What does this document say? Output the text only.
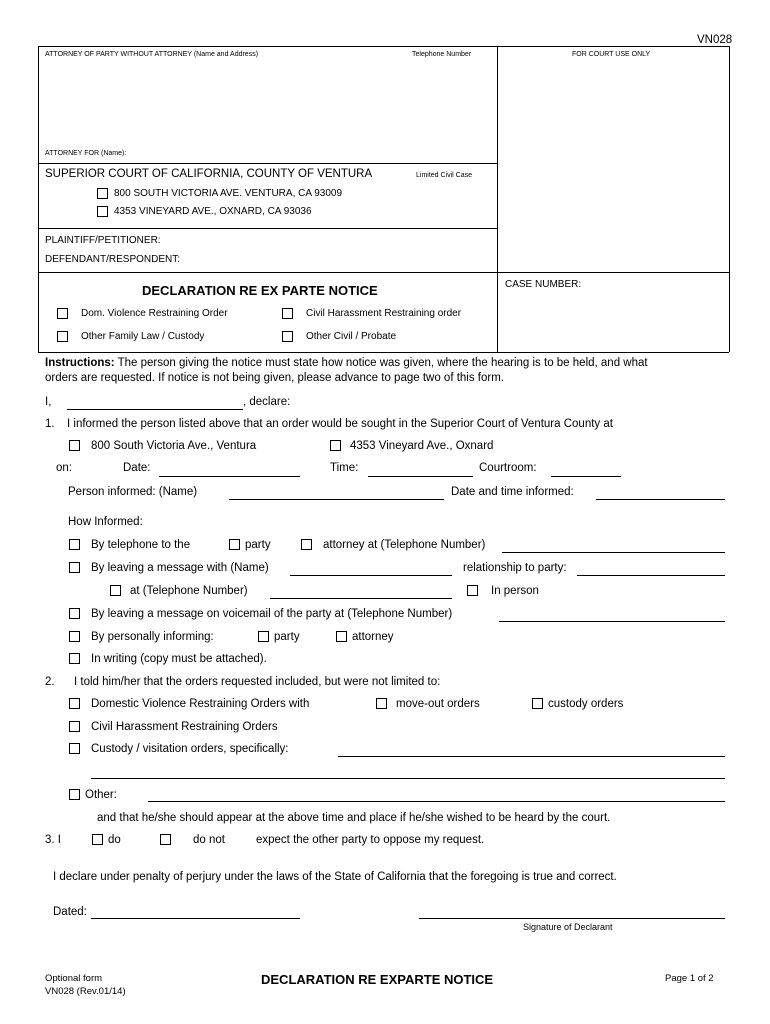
VN028
ATTORNEY OF PARTY WITHOUT ATTORNEY (Name and Address)	Telephone Number	FOR COURT USE ONLY
ATTORNEY FOR (Name):
SUPERIOR COURT OF CALIFORNIA, COUNTY OF VENTURA	Limited Civil Case
800 SOUTH VICTORIA AVE. VENTURA, CA 93009
4353 VINEYARD AVE., OXNARD, CA 93036
PLAINTIFF/PETITIONER:
DEFENDANT/RESPONDENT:
DECLARATION RE EX PARTE NOTICE	CASE NUMBER:
Dom. Violence Restraining Order	Civil Harassment Restraining order
Other Family Law / Custody	Other Civil / Probate
Instructions: The person giving the notice must state how notice was given, where the hearing is to be held, and what
orders are requested. If notice is not being given, please advance to page two of this form.
I,	, declare:
1. I informed the person listed above that an order would be sought in the Superior Court of Ventura County at
800 South Victoria Ave., Ventura	4353 Vineyard Ave., Oxnard
on:	Date:	Time:	Courtroom:
Person informed: (Name)	Date and time informed:
How Informed:
By telephone to the	party	attorney at (Telephone Number)
By leaving a message with (Name)	relationship to party:
at (Telephone Number)	In person
By leaving a message on voicemail of the party at (Telephone Number)
By personally informing:	party	attorney
In writing (copy must be attached).
2. I told him/her that the orders requested included, but were not limited to:
Domestic Violence Restraining Orders with	move-out orders	custody orders
Civil Harassment Restraining Orders
Custody / visitation orders, specifically:
Other:
and that he/she should appear at the above time and place if he/she wished to be heard by the court.
3. I	do	do not	expect the other party to oppose my request.
I declare under penalty of perjury under the laws of the State of California that the foregoing is true and correct.
Dated:
Signature of Declarant
Optional form
VN028 (Rev.01/14)
DECLARATION RE EXPARTE NOTICE	Page 1 of 2
